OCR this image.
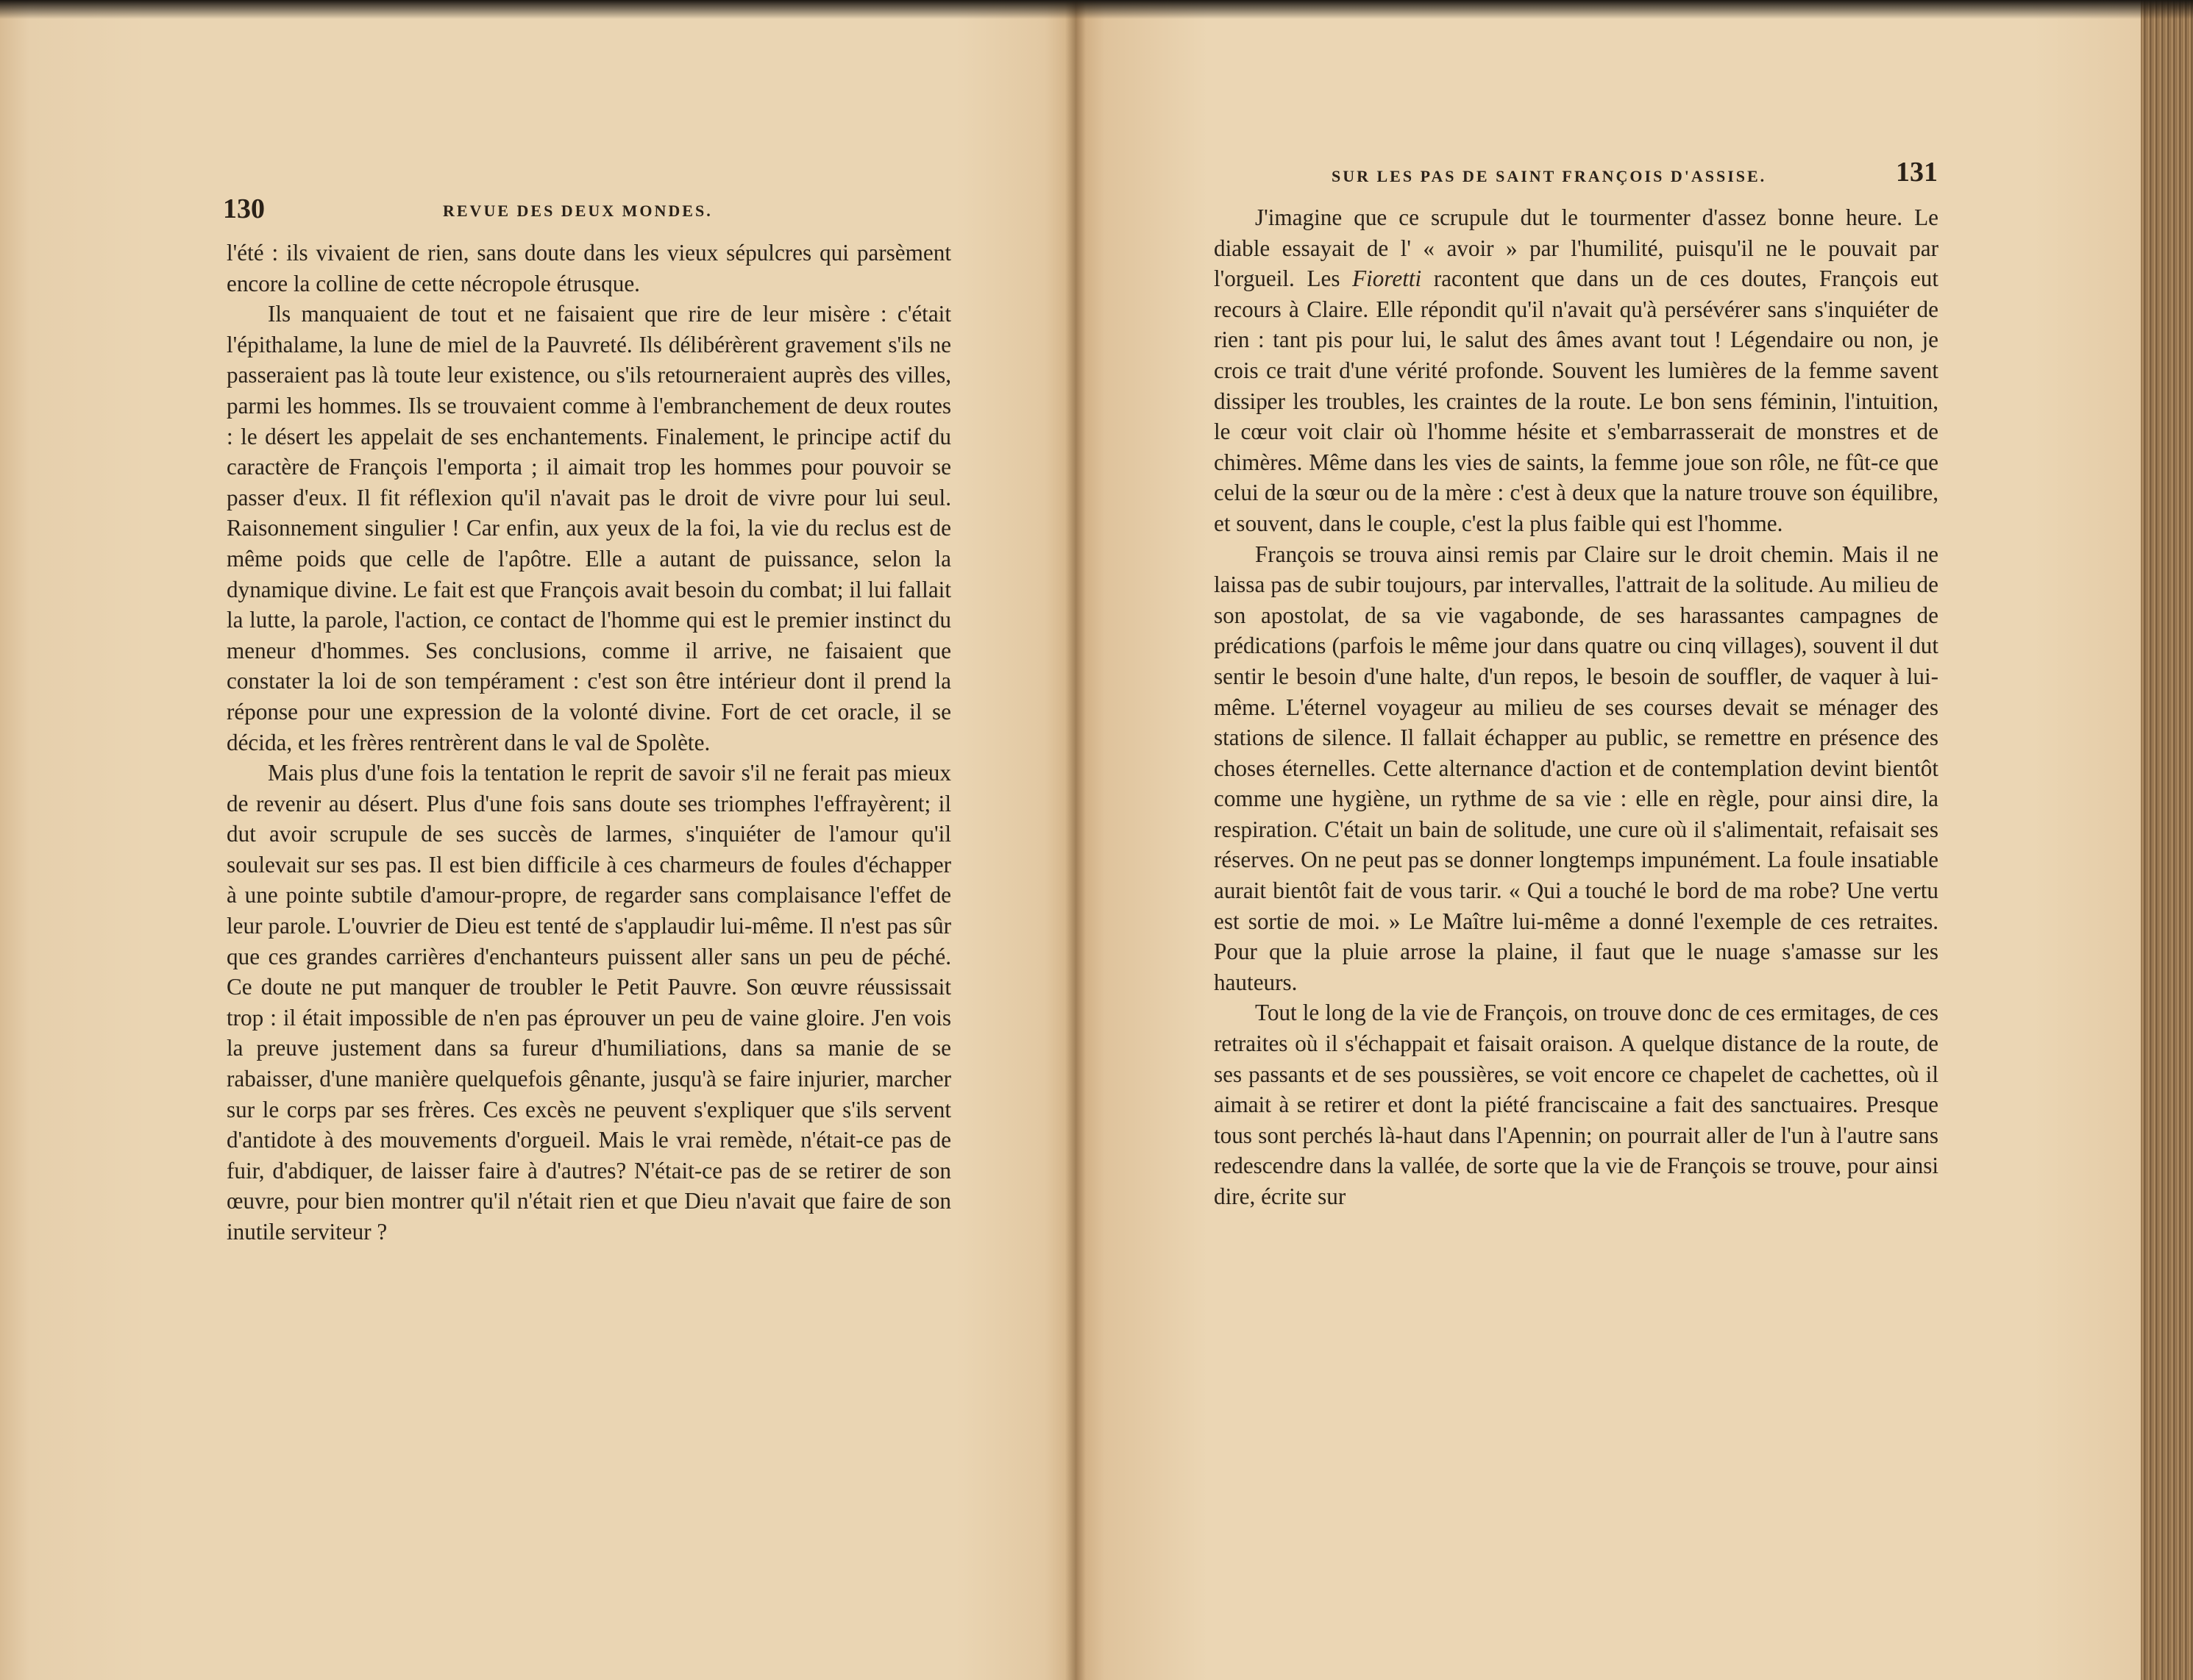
130	REVUE DES DEUX MONDES.

l'été : ils vivaient de rien, sans doute dans les vieux sépulcres qui parsèment encore la colline de cette nécropole étrusque.

Ils manquaient de tout et ne faisaient que rire de leur misère : c'était l'épithalame, la lune de miel de la Pauvreté. Ils délibérèrent gravement s'ils ne passeraient pas là toute leur existence, ou s'ils retourneraient auprès des villes, parmi les hommes. Ils se trouvaient comme à l'embranchement de deux routes : le désert les appelait de ses enchantements. Finalement, le principe actif du caractère de François l'emporta ; il aimait trop les hommes pour pouvoir se passer d'eux. Il fit réflexion qu'il n'avait pas le droit de vivre pour lui seul. Raisonnement singulier ! Car enfin, aux yeux de la foi, la vie du reclus est de même poids que celle de l'apôtre. Elle a autant de puissance, selon la dynamique divine. Le fait est que François avait besoin du combat; il lui fallait la lutte, la parole, l'action, ce contact de l'homme qui est le premier instinct du meneur d'hommes. Ses conclusions, comme il arrive, ne faisaient que constater la loi de son tempérament : c'est son être intérieur dont il prend la réponse pour une expression de la volonté divine. Fort de cet oracle, il se décida, et les frères rentrèrent dans le val de Spolète.

Mais plus d'une fois la tentation le reprit de savoir s'il ne ferait pas mieux de revenir au désert. Plus d'une fois sans doute ses triomphes l'effrayèrent; il dut avoir scrupule de ses succès de larmes, s'inquiéter de l'amour qu'il soulevait sur ses pas. Il est bien difficile à ces charmeurs de foules d'échapper à une pointe subtile d'amour-propre, de regarder sans complaisance l'effet de leur parole. L'ouvrier de Dieu est tenté de s'applaudir lui-même. Il n'est pas sûr que ces grandes carrières d'enchanteurs puissent aller sans un peu de péché. Ce doute ne put manquer de troubler le Petit Pauvre. Son œuvre réussissait trop : il était impossible de n'en pas éprouver un peu de vaine gloire. J'en vois la preuve justement dans sa fureur d'humiliations, dans sa manie de se rabaisser, d'une manière quelquefois gênante, jusqu'à se faire injurier, marcher sur le corps par ses frères. Ces excès ne peuvent s'expliquer que s'ils servent d'antidote à des mouvements d'orgueil. Mais le vrai remède, n'était-ce pas de fuir, d'abdiquer, de laisser faire à d'autres? N'était-ce pas de se retirer de son œuvre, pour bien montrer qu'il n'était rien et que Dieu n'avait que faire de son inutile serviteur ?

SUR LES PAS DE SAINT FRANÇOIS D'ASSISE.	131

J'imagine que ce scrupule dut le tourmenter d'assez bonne heure. Le diable essayait de l' « avoir » par l'humilité, puisqu'il ne le pouvait par l'orgueil. Les Fioretti racontent que dans un de ces doutes, François eut recours à Claire. Elle répondit qu'il n'avait qu'à persévérer sans s'inquiéter de rien : tant pis pour lui, le salut des âmes avant tout ! Légendaire ou non, je crois ce trait d'une vérité profonde. Souvent les lumières de la femme savent dissiper les troubles, les craintes de la route. Le bon sens féminin, l'intuition, le cœur voit clair où l'homme hésite et s'embarrasserait de monstres et de chimères. Même dans les vies de saints, la femme joue son rôle, ne fût-ce que celui de la sœur ou de la mère : c'est à deux que la nature trouve son équilibre, et souvent, dans le couple, c'est la plus faible qui est l'homme.

François se trouva ainsi remis par Claire sur le droit chemin. Mais il ne laissa pas de subir toujours, par intervalles, l'attrait de la solitude. Au milieu de son apostolat, de sa vie vagabonde, de ses harassantes campagnes de prédications (parfois le même jour dans quatre ou cinq villages), souvent il dut sentir le besoin d'une halte, d'un repos, le besoin de souffler, de vaquer à lui-même. L'éternel voyageur au milieu de ses courses devait se ménager des stations de silence. Il fallait échapper au public, se remettre en présence des choses éternelles. Cette alternance d'action et de contemplation devint bientôt comme une hygiène, un rythme de sa vie : elle en règle, pour ainsi dire, la respiration. C'était un bain de solitude, une cure où il s'alimentait, refaisait ses réserves. On ne peut pas se donner longtemps impunément. La foule insatiable aurait bientôt fait de vous tarir. « Qui a touché le bord de ma robe? Une vertu est sortie de moi. » Le Maître lui-même a donné l'exemple de ces retraites. Pour que la pluie arrose la plaine, il faut que le nuage s'amasse sur les hauteurs.

Tout le long de la vie de François, on trouve donc de ces ermitages, de ces retraites où il s'échappait et faisait oraison. A quelque distance de la route, de ses passants et de ses poussières, se voit encore ce chapelet de cachettes, où il aimait à se retirer et dont la piété franciscaine a fait des sanctuaires. Presque tous sont perchés là-haut dans l'Apennin; on pourrait aller de l'un à l'autre sans redescendre dans la vallée, de sorte que la vie de François se trouve, pour ainsi dire, écrite sur
